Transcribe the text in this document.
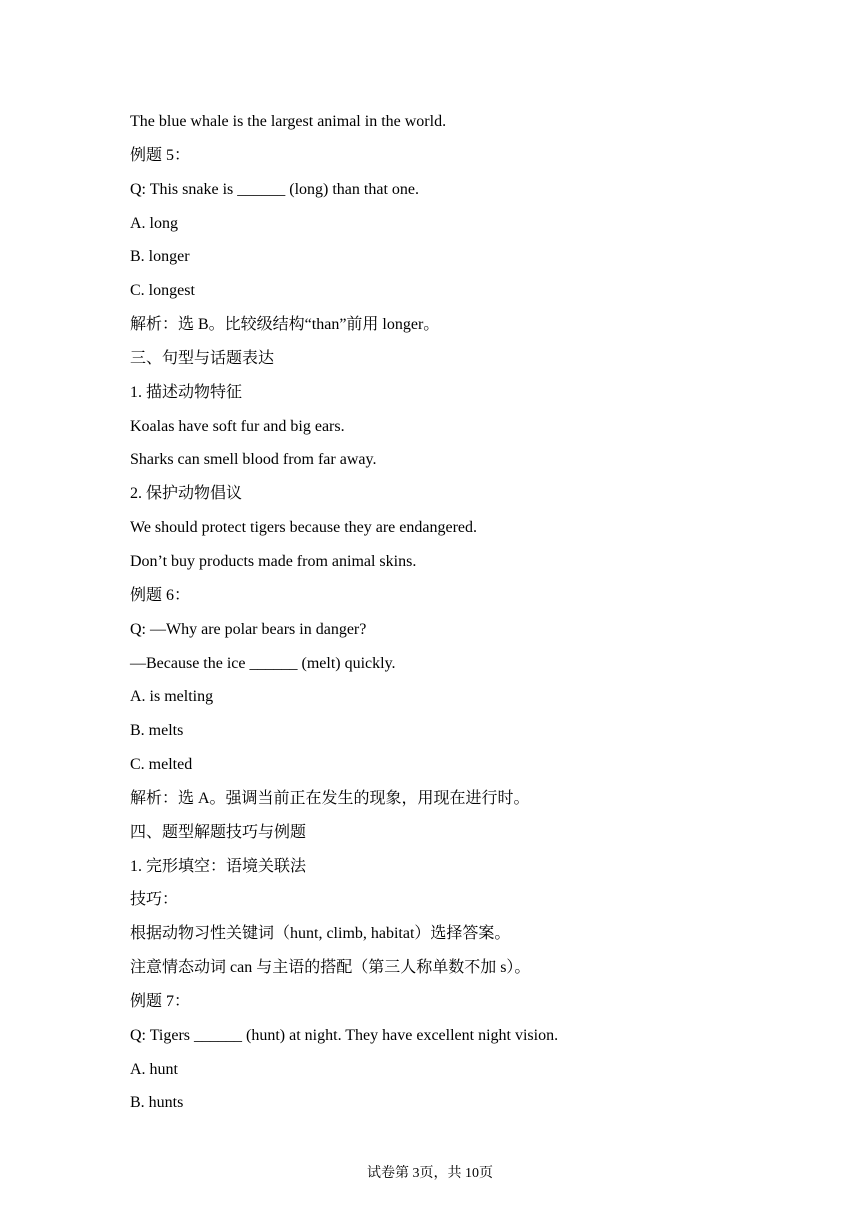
The blue whale is the largest animal in the world.
例题 5：
Q: This snake is ______ (long) than that one.
A. long
B. longer
C. longest
解析：选 B。比较级结构“than”前用 longer。
三、句型与话题表达
1. 描述动物特征
Koalas have soft fur and big ears.
Sharks can smell blood from far away.
2. 保护动物倡议
We should protect tigers because they are endangered.
Don’t buy products made from animal skins.
例题 6：
Q: —Why are polar bears in danger?
—Because the ice ______ (melt) quickly.
A. is melting
B. melts
C. melted
解析：选 A。强调当前正在发生的现象，用现在进行时。
四、题型解题技巧与例题
1. 完形填空：语境关联法
技巧：
根据动物习性关键词（hunt, climb, habitat）选择答案。
注意情态动词 can 与主语的搭配（第三人称单数不加 s）。
例题 7：
Q: Tigers ______ (hunt) at night. They have excellent night vision.
A. hunt
B. hunts
试卷第 3页，共 10页
